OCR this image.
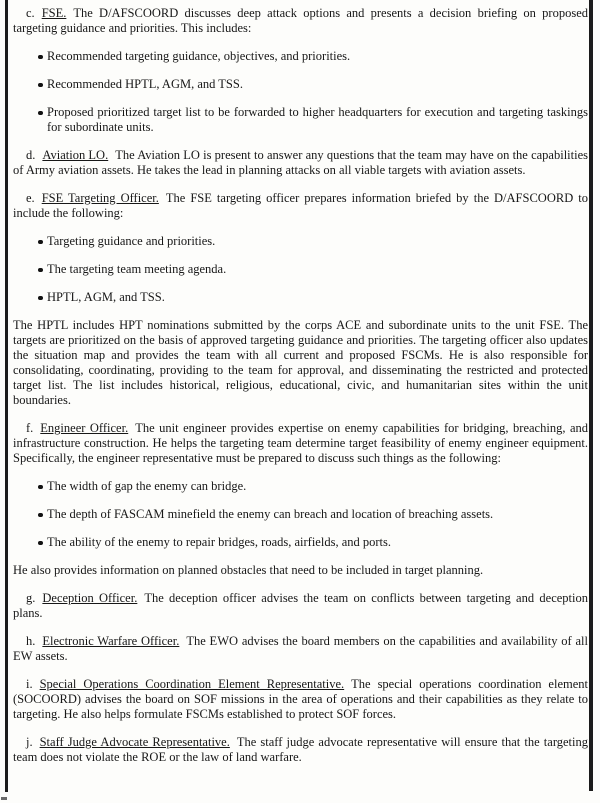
c. FSE. The D/AFSCOORD discusses deep attack options and presents a decision briefing on proposed targeting guidance and priorities. This includes:

Recommended targeting guidance, objectives, and priorities.
Recommended HPTL, AGM, and TSS.
Proposed prioritized target list to be forwarded to higher headquarters for execution and targeting taskings for subordinate units.

d. Aviation LO. The Aviation LO is present to answer any questions that the team may have on the capabilities of Army aviation assets. He takes the lead in planning attacks on all viable targets with aviation assets.

e. FSE Targeting Officer. The FSE targeting officer prepares information briefed by the D/AFSCOORD to include the following:

Targeting guidance and priorities.
The targeting team meeting agenda.
HPTL, AGM, and TSS.

The HPTL includes HPT nominations submitted by the corps ACE and subordinate units to the unit FSE. The targets are prioritized on the basis of approved targeting guidance and priorities. The targeting officer also updates the situation map and provides the team with all current and proposed FSCMs. He is also responsible for consolidating, coordinating, providing to the team for approval, and disseminating the restricted and protected target list. The list includes historical, religious, educational, civic, and humanitarian sites within the unit boundaries.

f. Engineer Officer. The unit engineer provides expertise on enemy capabilities for bridging, breaching, and infrastructure construction. He helps the targeting team determine target feasibility of enemy engineer equipment. Specifically, the engineer representative must be prepared to discuss such things as the following:

The width of gap the enemy can bridge.
The depth of FASCAM minefield the enemy can breach and location of breaching assets.
The ability of the enemy to repair bridges, roads, airfields, and ports.

He also provides information on planned obstacles that need to be included in target planning.

g. Deception Officer. The deception officer advises the team on conflicts between targeting and deception plans.

h. Electronic Warfare Officer. The EWO advises the board members on the capabilities and availability of all EW assets.

i. Special Operations Coordination Element Representative. The special operations coordination element (SOCOORD) advises the board on SOF missions in the area of operations and their capabilities as they relate to targeting. He also helps formulate FSCMs established to protect SOF forces.

j. Staff Judge Advocate Representative. The staff judge advocate representative will ensure that the targeting team does not violate the ROE or the law of land warfare.
